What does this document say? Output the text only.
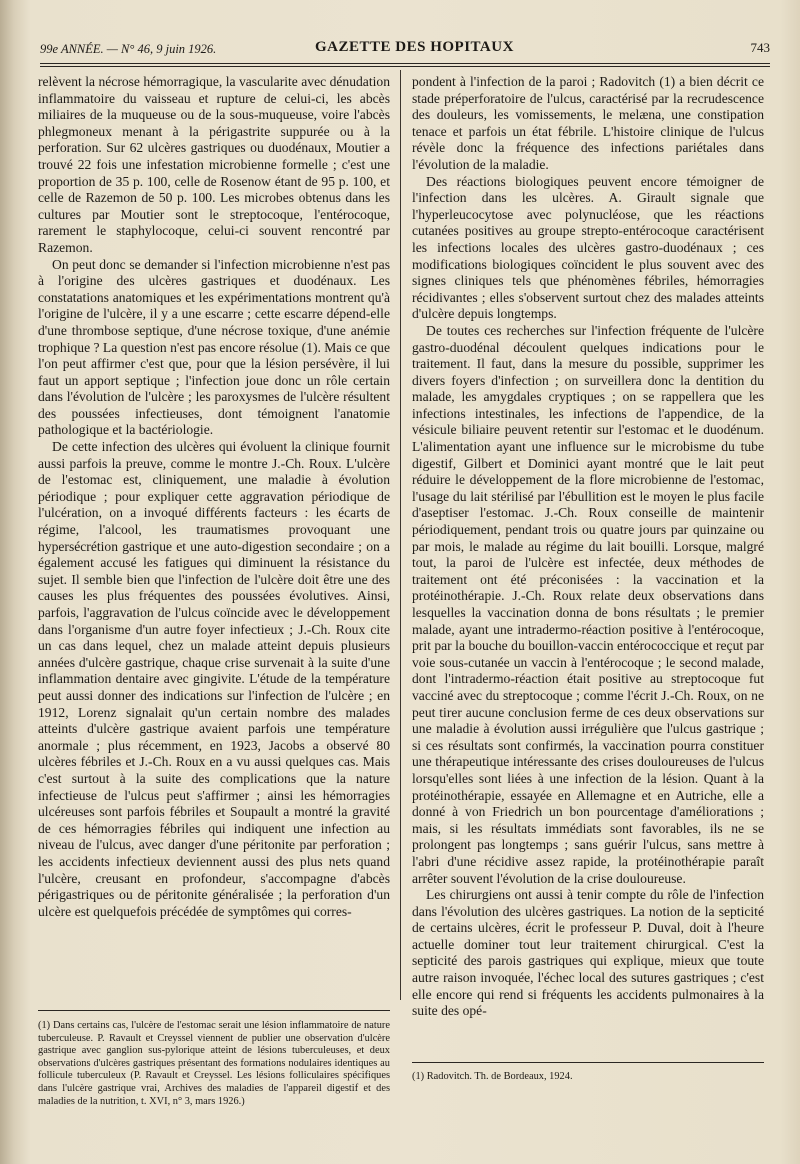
99e ANNÉE. — N° 46, 9 juin 1926.	GAZETTE DES HOPITAUX	743

relèvent la nécrose hémorragique, la vascularite avec dénudation inflammatoire du vaisseau et rupture de celui-ci, les abcès miliaires de la muqueuse ou de la sous-muqueuse, voire l'abcès phlegmoneux menant à la périgastrite suppurée ou à la perforation. Sur 62 ulcères gastriques ou duodénaux, Moutier a trouvé 22 fois une infestation microbienne formelle ; c'est une proportion de 35 p. 100, celle de Rosenow étant de 95 p. 100, et celle de Razemon de 50 p. 100. Les microbes obtenus dans les cultures par Moutier sont le streptocoque, l'entérocoque, rarement le staphylocoque, celui-ci souvent rencontré par Razemon.

On peut donc se demander si l'infection microbienne n'est pas à l'origine des ulcères gastriques et duodénaux. Les constatations anatomiques et les expérimentations montrent qu'à l'origine de l'ulcère, il y a une escarre ; cette escarre dépend-elle d'une thrombose septique, d'une nécrose toxique, d'une anémie trophique ? La question n'est pas encore résolue (1). Mais ce que l'on peut affirmer c'est que, pour que la lésion persévère, il lui faut un apport septique ; l'infection joue donc un rôle certain dans l'évolution de l'ulcère ; les paroxysmes de l'ulcère résultent des poussées infectieuses, dont témoignent l'anatomie pathologique et la bactériologie.

De cette infection des ulcères qui évoluent la clinique fournit aussi parfois la preuve, comme le montre J.-Ch. Roux. L'ulcère de l'estomac est, cliniquement, une maladie à évolution périodique ; pour expliquer cette aggravation périodique de l'ulcération, on a invoqué différents facteurs : les écarts de régime, l'alcool, les traumatismes provoquant une hypersécrétion gastrique et une auto-digestion secondaire ; on a également accusé les fatigues qui diminuent la résistance du sujet. Il semble bien que l'infection de l'ulcère doit être une des causes les plus fréquentes des poussées évolutives. Ainsi, parfois, l'aggravation de l'ulcus coïncide avec le développement dans l'organisme d'un autre foyer infectieux ; J.-Ch. Roux cite un cas dans lequel, chez un malade atteint depuis plusieurs années d'ulcère gastrique, chaque crise survenait à la suite d'une inflammation dentaire avec gingivite. L'étude de la température peut aussi donner des indications sur l'infection de l'ulcère ; en 1912, Lorenz signalait qu'un certain nombre des malades atteints d'ulcère gastrique avaient parfois une température anormale ; plus récemment, en 1923, Jacobs a observé 80 ulcères fébriles et J.-Ch. Roux en a vu aussi quelques cas. Mais c'est surtout à la suite des complications que la nature infectieuse de l'ulcus peut s'affirmer ; ainsi les hémorragies ulcéreuses sont parfois fébriles et Soupault a montré la gravité de ces hémorragies fébriles qui indiquent une infection au niveau de l'ulcus, avec danger d'une péritonite par perforation ; les accidents infectieux deviennent aussi des plus nets quand l'ulcère, creusant en profondeur, s'accompagne d'abcès périgastriques ou de péritonite généralisée ; la perforation d'un ulcère est quelquefois précédée de symptômes qui corres-

pondent à l'infection de la paroi ; Radovitch (1) a bien décrit ce stade préperforatoire de l'ulcus, caractérisé par la recrudescence des douleurs, les vomissements, le melæna, une constipation tenace et parfois un état fébrile. L'histoire clinique de l'ulcus révèle donc la fréquence des infections pariétales dans l'évolution de la maladie.

Des réactions biologiques peuvent encore témoigner de l'infection dans les ulcères. A. Girault signale que l'hyperleucocytose avec polynucléose, que les réactions cutanées positives au groupe strepto-entérocoque caractérisent les infections locales des ulcères gastro-duodénaux ; ces modifications biologiques coïncident le plus souvent avec des signes cliniques tels que phénomènes fébriles, hémorragies récidivantes ; elles s'observent surtout chez des malades atteints d'ulcère depuis longtemps.

De toutes ces recherches sur l'infection fréquente de l'ulcère gastro-duodénal découlent quelques indications pour le traitement. Il faut, dans la mesure du possible, supprimer les divers foyers d'infection ; on surveillera donc la dentition du malade, les amygdales cryptiques ; on se rappellera que les infections intestinales, les infections de l'appendice, de la vésicule biliaire peuvent retentir sur l'estomac et le duodénum. L'alimentation ayant une influence sur le microbisme du tube digestif, Gilbert et Dominici ayant montré que le lait peut réduire le développement de la flore microbienne de l'estomac, l'usage du lait stérilisé par l'ébullition est le moyen le plus facile d'aseptiser l'estomac. J.-Ch. Roux conseille de maintenir périodiquement, pendant trois ou quatre jours par quinzaine ou par mois, le malade au régime du lait bouilli. Lorsque, malgré tout, la paroi de l'ulcère est infectée, deux méthodes de traitement ont été préconisées : la vaccination et la protéinothérapie. J.-Ch. Roux relate deux observations dans lesquelles la vaccination donna de bons résultats ; le premier malade, ayant une intradermo-réaction positive à l'entérocoque, prit par la bouche du bouillon-vaccin entérococcique et reçut par voie sous-cutanée un vaccin à l'entérocoque ; le second malade, dont l'intradermo-réaction était positive au streptocoque fut vacciné avec du streptocoque ; comme l'écrit J.-Ch. Roux, on ne peut tirer aucune conclusion ferme de ces deux observations sur une maladie à évolution aussi irrégulière que l'ulcus gastrique ; si ces résultats sont confirmés, la vaccination pourra constituer une thérapeutique intéressante des crises douloureuses de l'ulcus lorsqu'elles sont liées à une infection de la lésion. Quant à la protéinothérapie, essayée en Allemagne et en Autriche, elle a donné à von Friedrich un bon pourcentage d'améliorations ; mais, si les résultats immédiats sont favorables, ils ne se prolongent pas longtemps ; sans guérir l'ulcus, sans mettre à l'abri d'une récidive assez rapide, la protéinothérapie paraît arrêter souvent l'évolution de la crise douloureuse.

Les chirurgiens ont aussi à tenir compte du rôle de l'infection dans l'évolution des ulcères gastriques. La notion de la septicité de certains ulcères, écrit le professeur P. Duval, doit à l'heure actuelle dominer tout leur traitement chirurgical. C'est la septicité des parois gastriques qui explique, mieux que toute autre raison invoquée, l'échec local des sutures gastriques ; c'est elle encore qui rend si fréquents les accidents pulmonaires à la suite des opé-

(1) Dans certains cas, l'ulcère de l'estomac serait une lésion inflammatoire de nature tuberculeuse. P. Ravault et Creyssel viennent de publier une observation d'ulcère gastrique avec ganglion sus-pylorique atteint de lésions tuberculeuses, et deux observations d'ulcères gastriques présentant des formations nodulaires identiques au follicule tuberculeux (P. Ravault et Creyssel. Les lésions folliculaires spécifiques dans l'ulcère gastrique vrai, Archives des maladies de l'appareil digestif et des maladies de la nutrition, t. XVI, n° 3, mars 1926.)
(1) Radovitch. Th. de Bordeaux, 1924.
